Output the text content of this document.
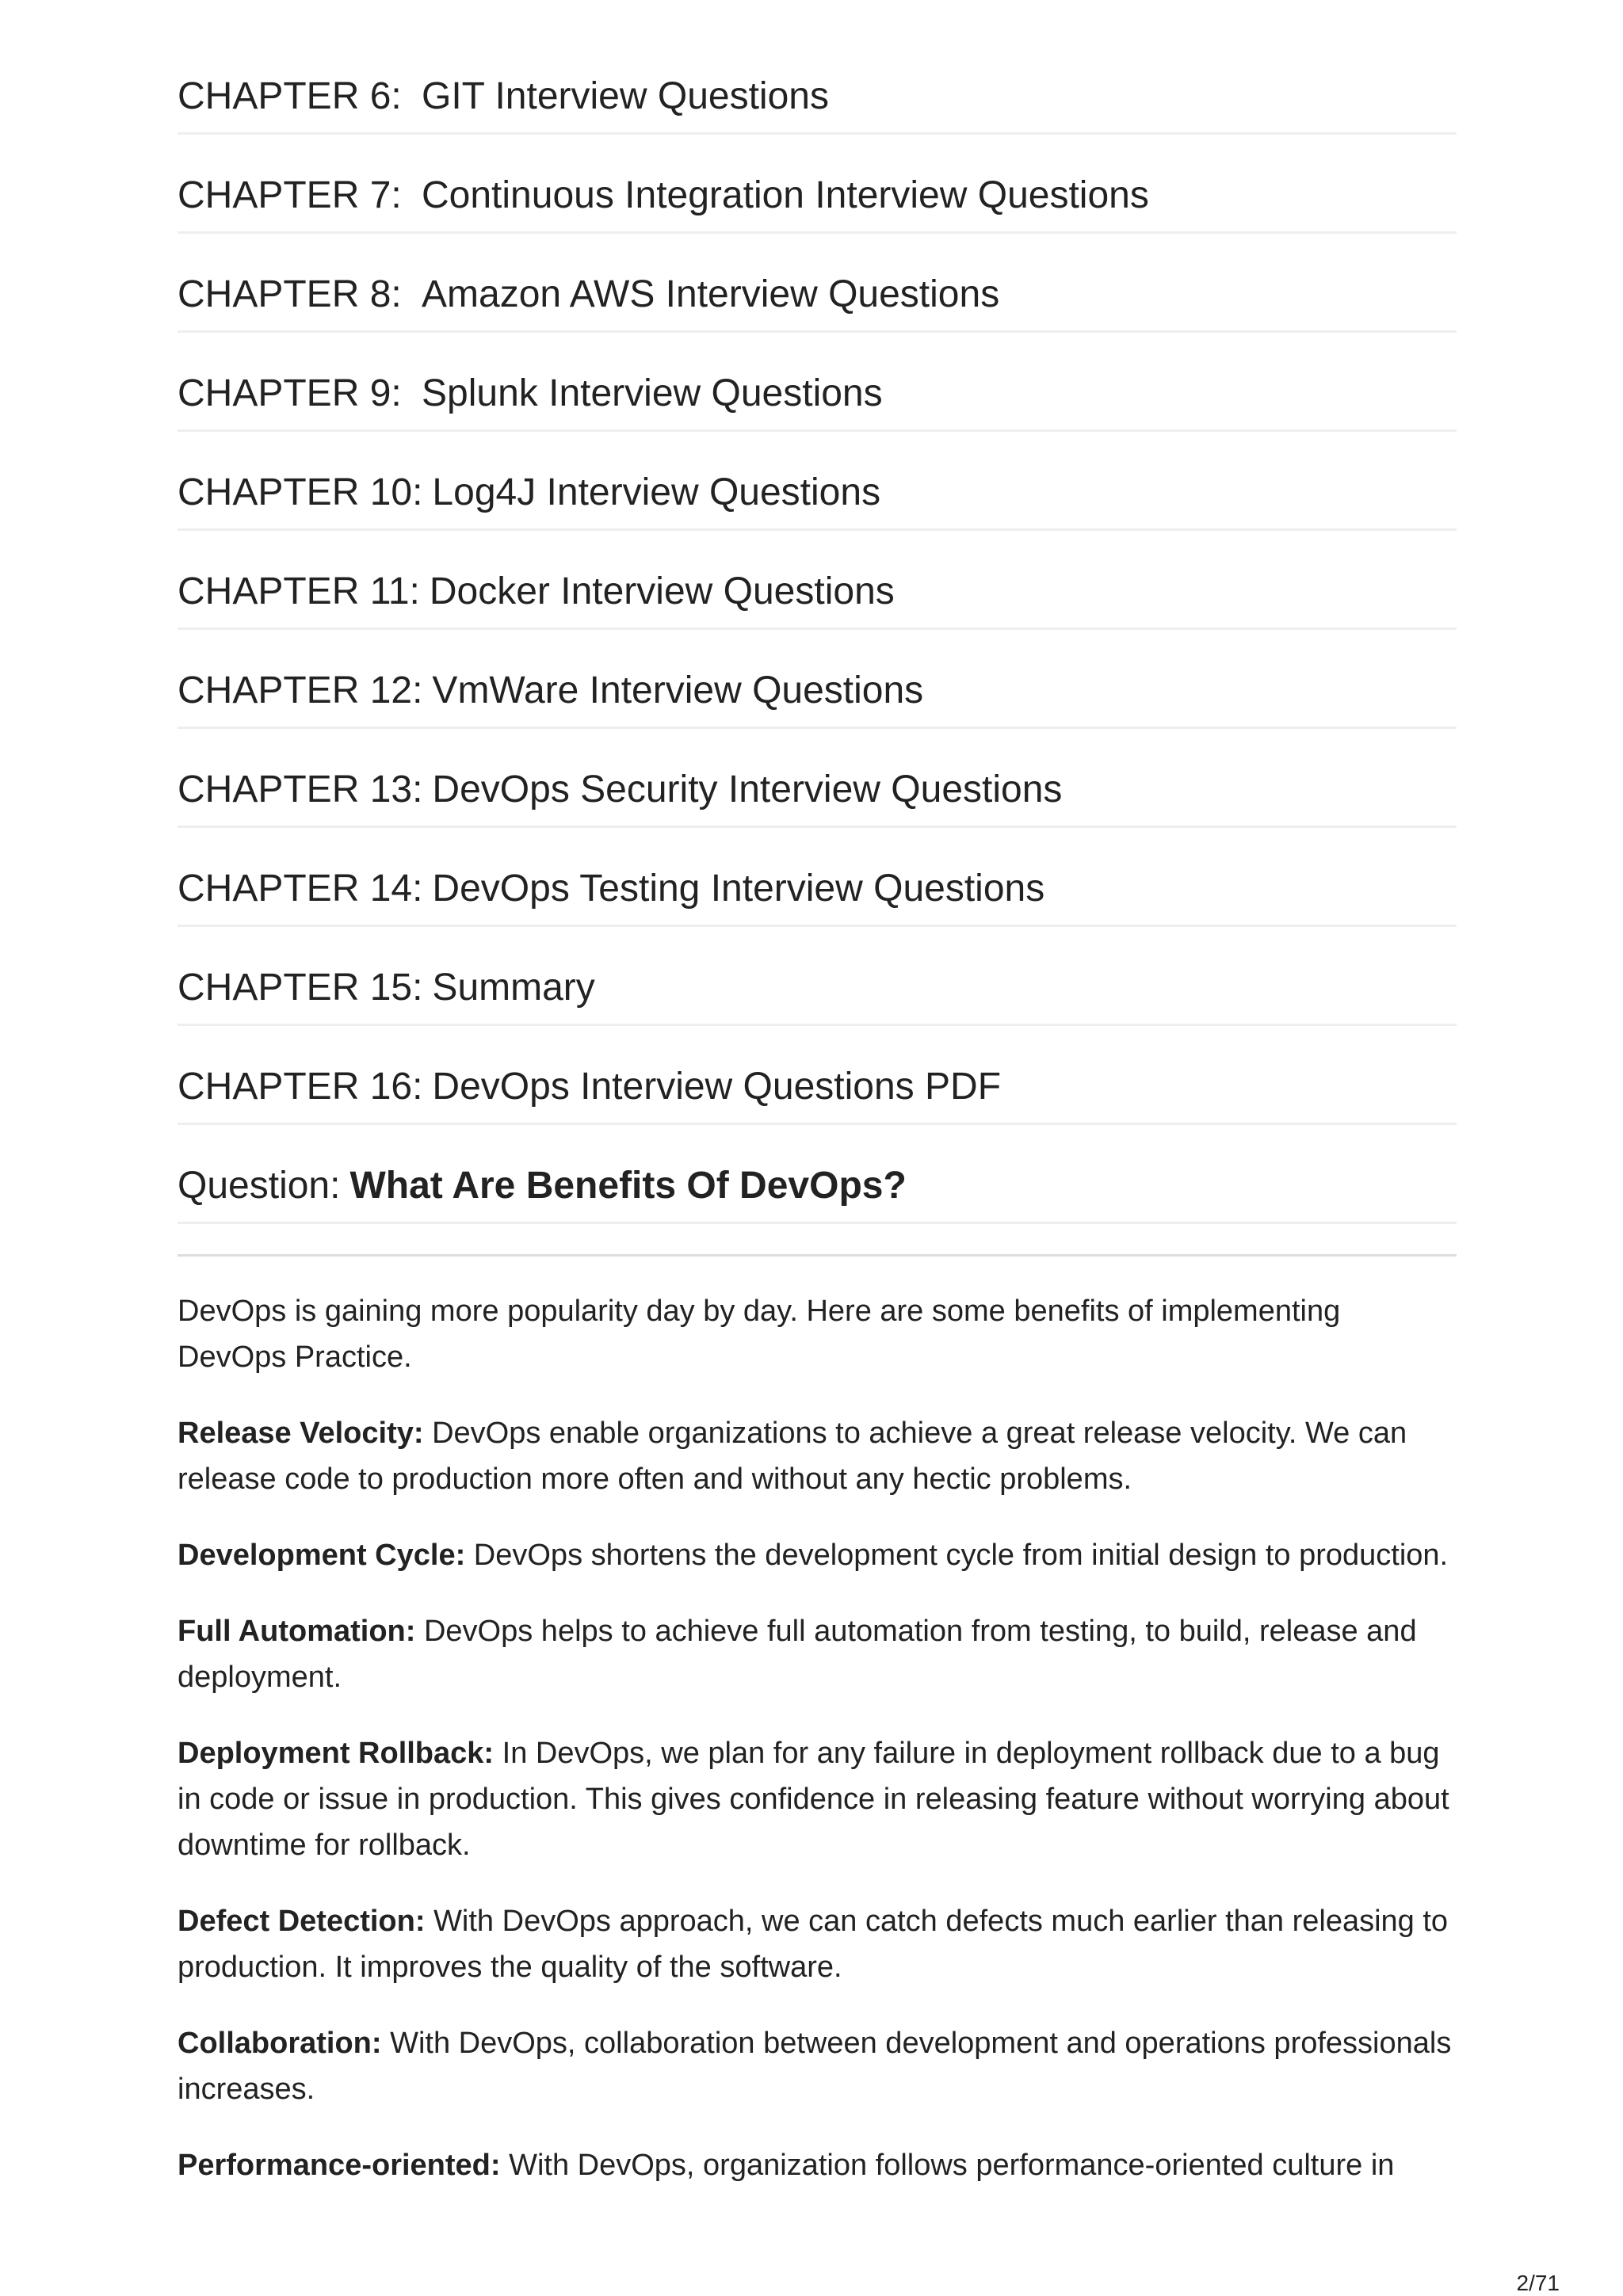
CHAPTER 6: GIT Interview Questions
CHAPTER 7: Continuous Integration Interview Questions
CHAPTER 8: Amazon AWS Interview Questions
CHAPTER 9: Splunk Interview Questions
CHAPTER 10: Log4J Interview Questions
CHAPTER 11: Docker Interview Questions
CHAPTER 12: VmWare Interview Questions
CHAPTER 13: DevOps Security Interview Questions
CHAPTER 14: DevOps Testing Interview Questions
CHAPTER 15: Summary
CHAPTER 16: DevOps Interview Questions PDF
Question: What Are Benefits Of DevOps?

DevOps is gaining more popularity day by day. Here are some benefits of implementing DevOps Practice.

Release Velocity: DevOps enable organizations to achieve a great release velocity. We can release code to production more often and without any hectic problems.

Development Cycle: DevOps shortens the development cycle from initial design to production.

Full Automation: DevOps helps to achieve full automation from testing, to build, release and deployment.

Deployment Rollback: In DevOps, we plan for any failure in deployment rollback due to a bug in code or issue in production. This gives confidence in releasing feature without worrying about downtime for rollback.

Defect Detection: With DevOps approach, we can catch defects much earlier than releasing to production. It improves the quality of the software.

Collaboration: With DevOps, collaboration between development and operations professionals increases.

Performance-oriented: With DevOps, organization follows performance-oriented culture in

2/71
